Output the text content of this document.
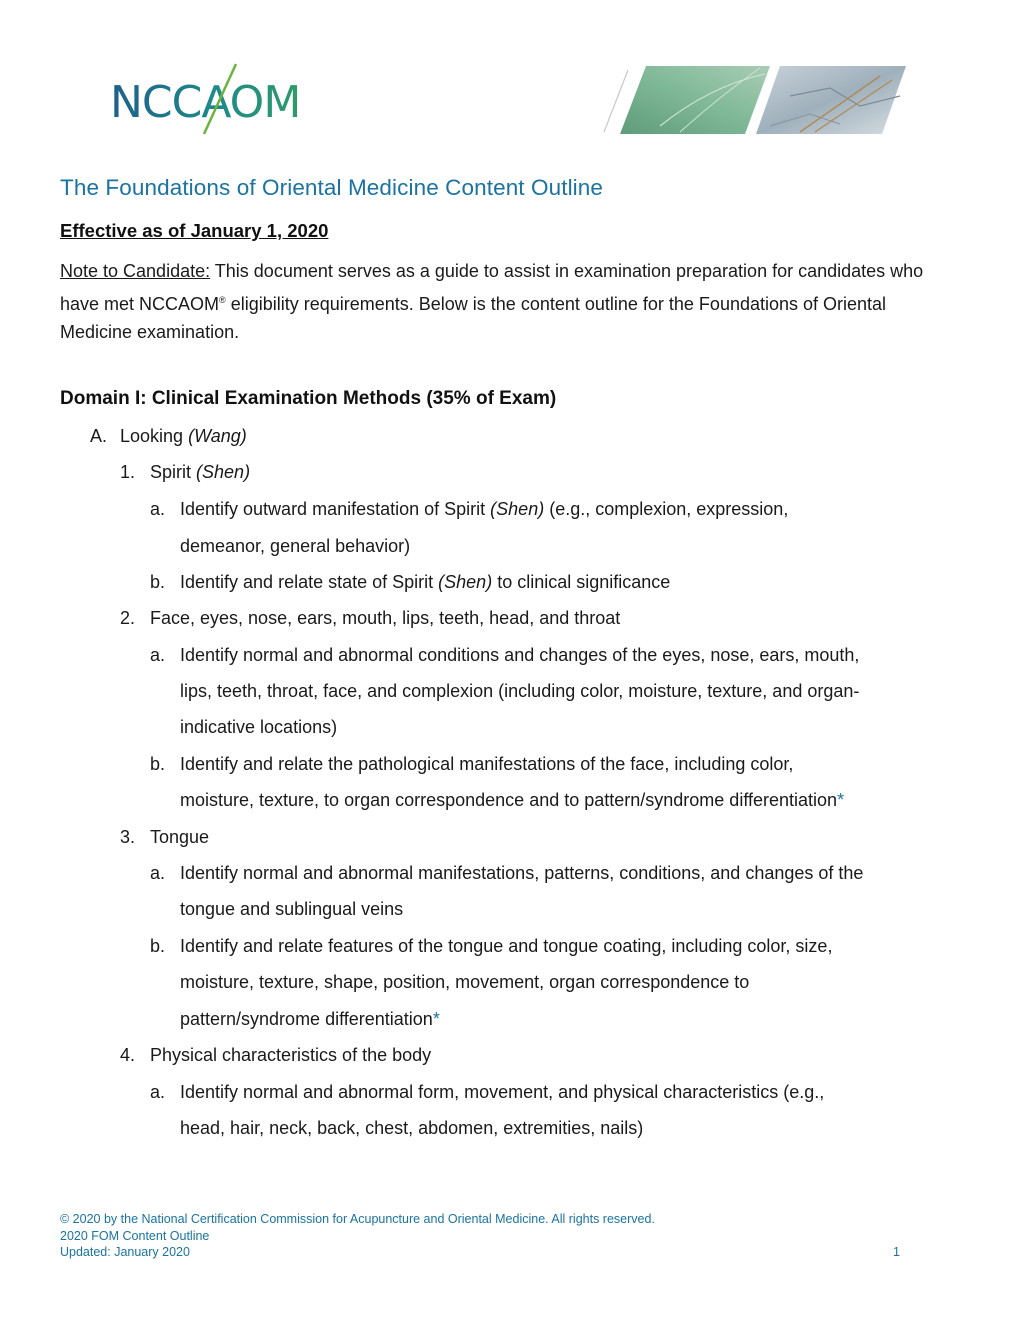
NCCAOM
The Foundations of Oriental Medicine Content Outline

Effective as of January 1, 2020

Note to Candidate: This document serves as a guide to assist in examination preparation for candidates who have met NCCAOM® eligibility requirements. Below is the content outline for the Foundations of Oriental Medicine examination.

Domain I: Clinical Examination Methods (35% of Exam)
A. Looking (Wang)
1. Spirit (Shen)
a. Identify outward manifestation of Spirit (Shen) (e.g., complexion, expression,
demeanor, general behavior)
b. Identify and relate state of Spirit (Shen) to clinical significance
2. Face, eyes, nose, ears, mouth, lips, teeth, head, and throat
a. Identify normal and abnormal conditions and changes of the eyes, nose, ears, mouth,
lips, teeth, throat, face, and complexion (including color, moisture, texture, and organ-
indicative locations)
b. Identify and relate the pathological manifestations of the face, including color,
moisture, texture, to organ correspondence and to pattern/syndrome differentiation*
3. Tongue
a. Identify normal and abnormal manifestations, patterns, conditions, and changes of the
tongue and sublingual veins
b. Identify and relate features of the tongue and tongue coating, including color, size,
moisture, texture, shape, position, movement, organ correspondence to
pattern/syndrome differentiation*
4. Physical characteristics of the body
a. Identify normal and abnormal form, movement, and physical characteristics (e.g.,
head, hair, neck, back, chest, abdomen, extremities, nails)
© 2020 by the National Certification Commission for Acupuncture and Oriental Medicine. All rights reserved.
2020 FOM Content Outline
Updated: January 2020	1
